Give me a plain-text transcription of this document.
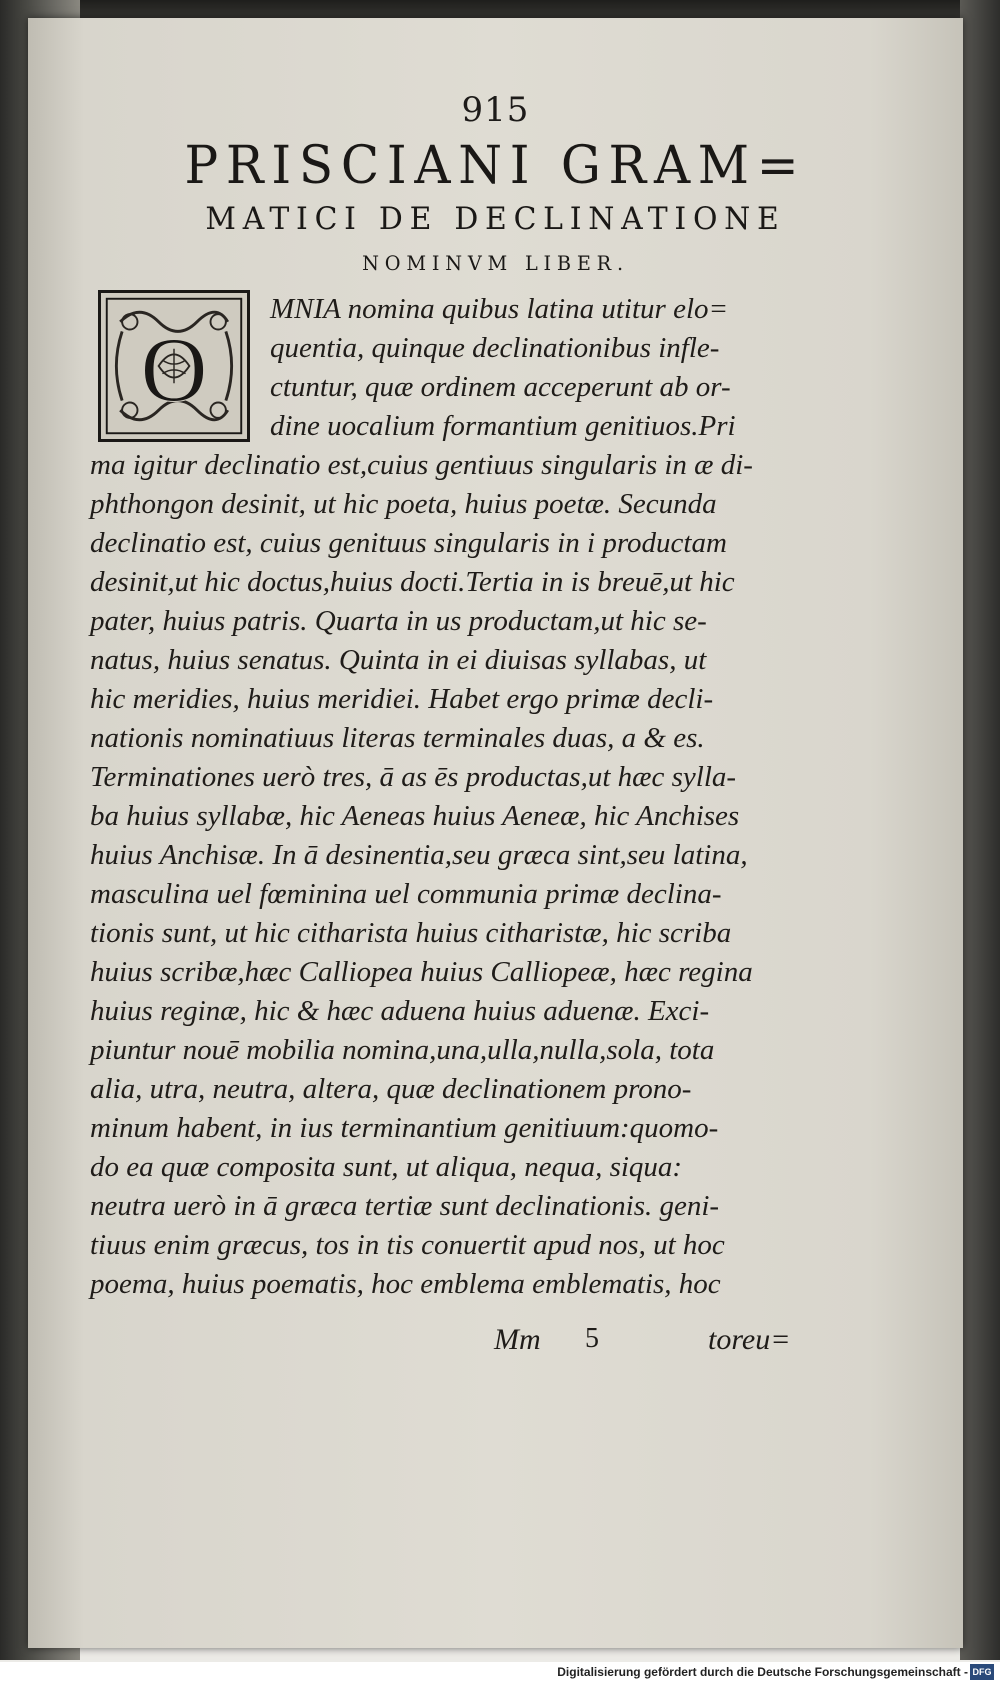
915
PRISCIANI GRAM=
MATICI DE DECLINATIONE
NOMINVM LIBER.
O
MNIA nomina quibus latina utitur elo=
quentia, quinque declinationibus infle-
ctuntur, quæ ordinem acceperunt ab or-
dine uocalium formantium genitiuos.Pri
ma igitur declinatio est,cuius gentiuus singularis in æ di-
phthongon desinit, ut hic poeta, huius poetæ. Secunda
declinatio est, cuius genituus singularis in i productam
desinit,ut hic doctus,huius docti.Tertia in is breuē,ut hic
pater, huius patris. Quarta in us productam,ut hic se-
natus, huius senatus. Quinta in ei diuisas syllabas, ut
hic meridies, huius meridiei. Habet ergo primæ decli-
nationis nominatiuus literas terminales duas, a & es.
Terminationes uerò tres, ā as ēs productas,ut hæc sylla-
ba huius syllabæ, hic Aeneas huius Aeneæ, hic Anchises
huius Anchisæ. In ā desinentia,seu græca sint,seu latina,
masculina uel fœminina uel communia primæ declina-
tionis sunt, ut hic citharista huius citharistæ, hic scriba
huius scribæ,hæc Calliopea huius Calliopeæ, hæc regina
huius reginæ, hic & hæc aduena huius aduenæ. Exci-
piuntur nouē mobilia nomina,una,ulla,nulla,sola, tota
alia, utra, neutra, altera, quæ declinationem prono-
minum habent, in ius terminantium genitiuum:quomo-
do ea quæ composita sunt, ut aliqua, nequa, siqua:
neutra uerò in ā græca tertiæ sunt declinationis. geni-
tiuus enim græcus, tos in tis conuertit apud nos, ut hoc
poema, huius poematis, hoc emblema emblematis, hoc
Mm 5	toreu=
Digitalisierung gefördert durch die Deutsche Forschungsgemeinschaft - DFG
